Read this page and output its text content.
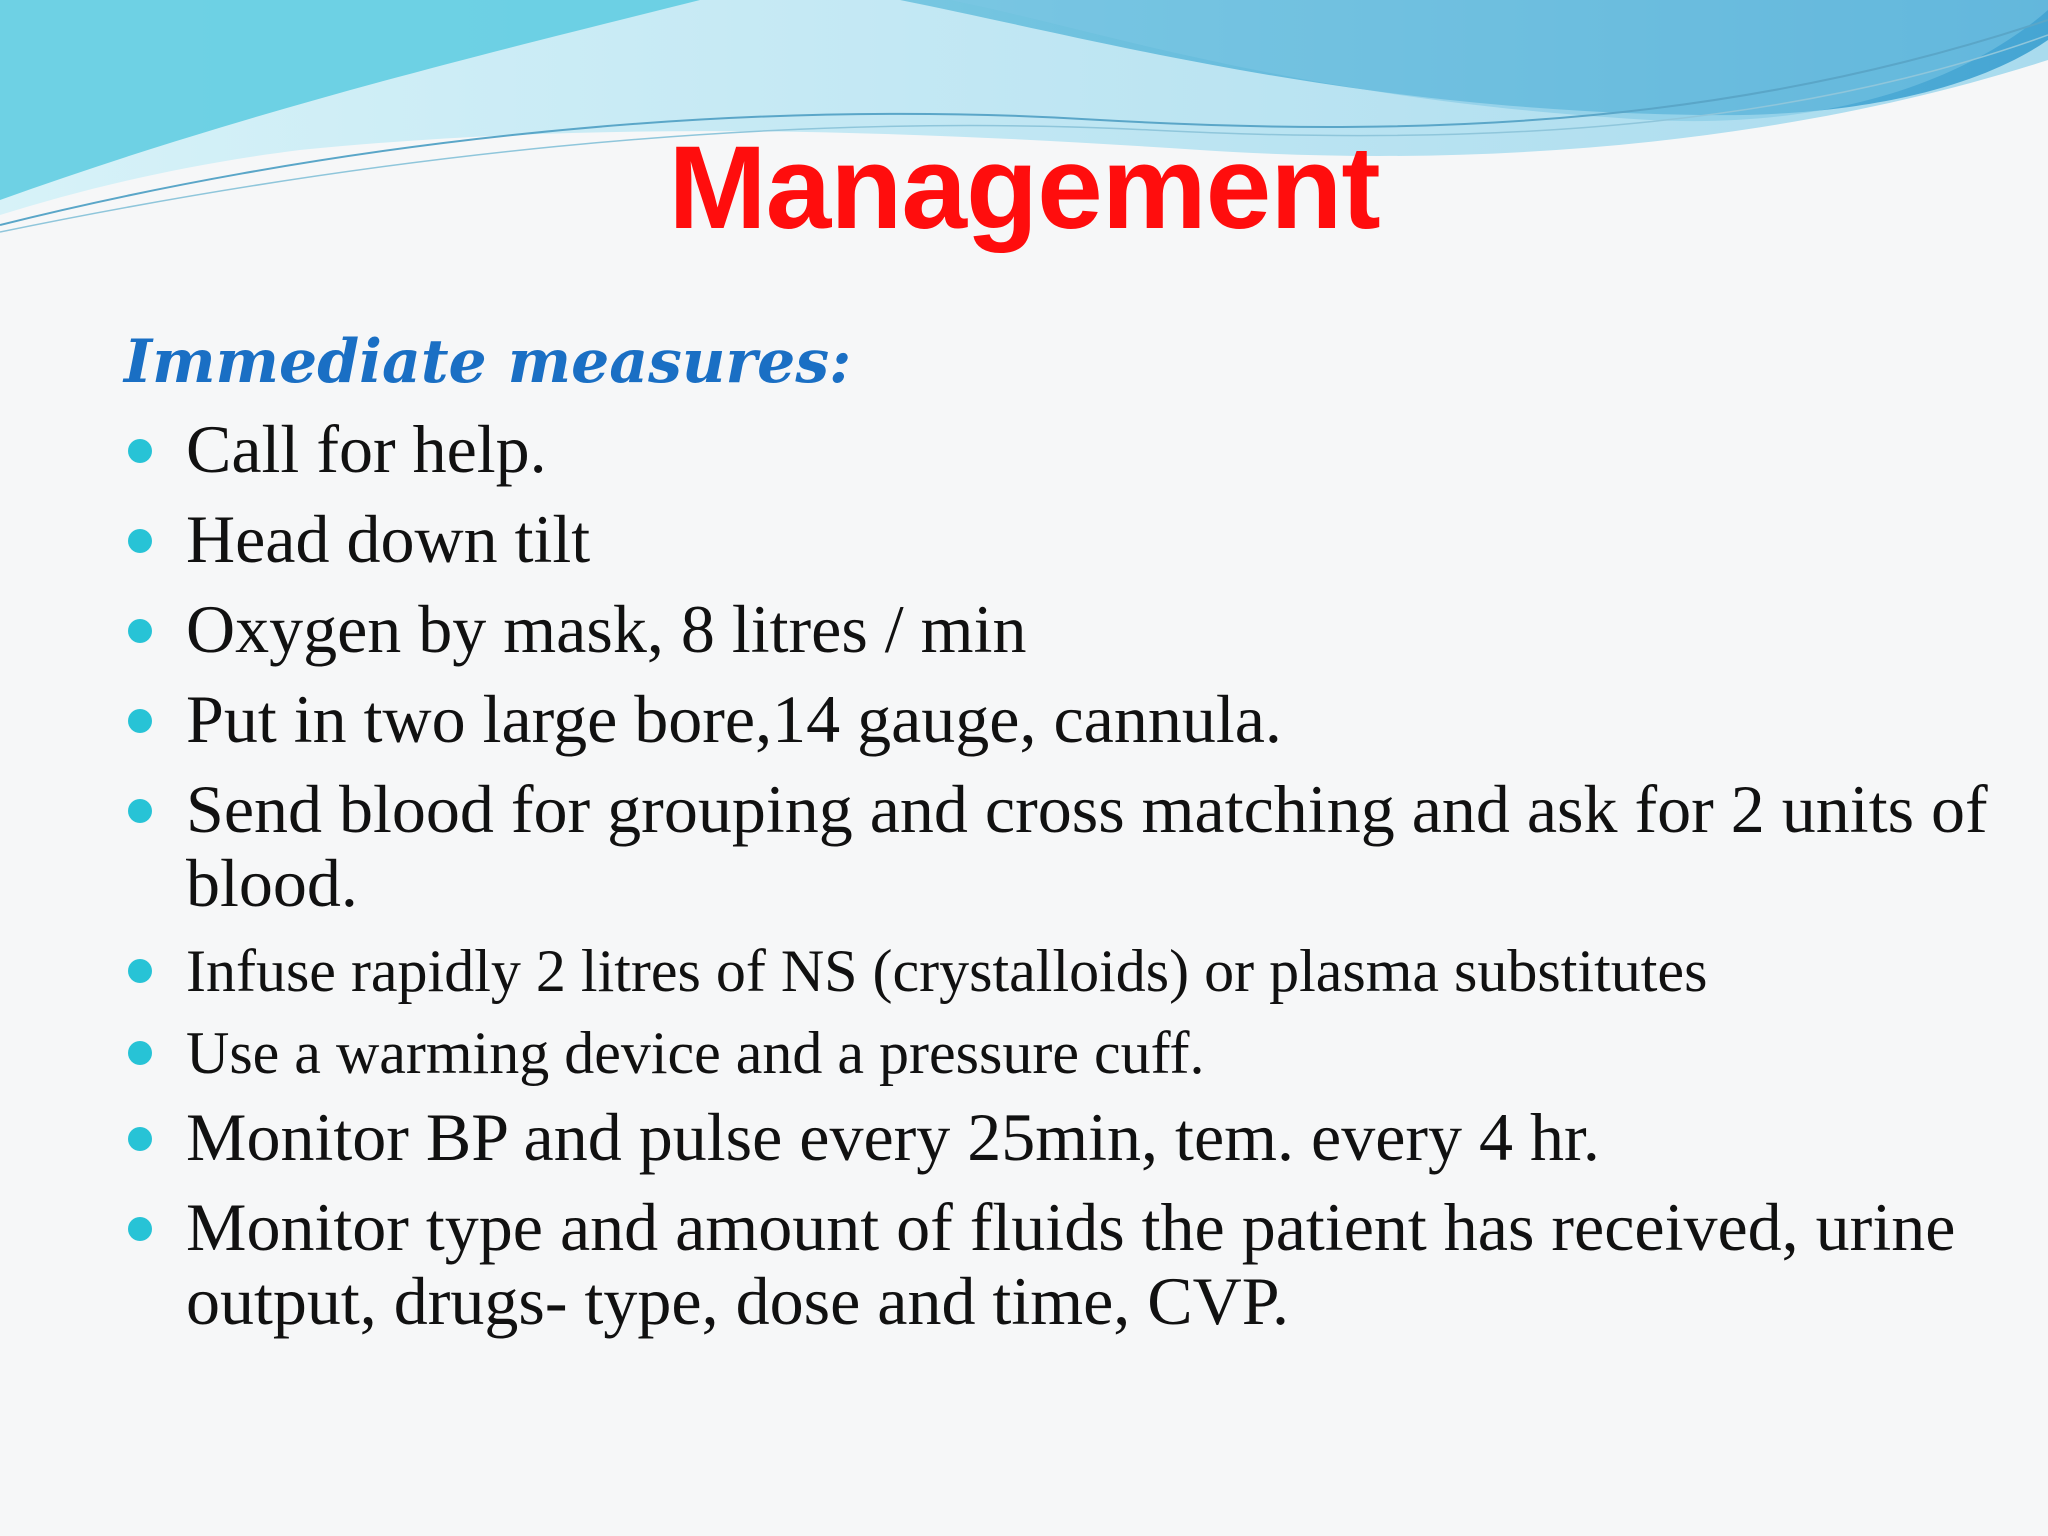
Management
Immediate measures:
Call for help.
Head down tilt
Oxygen by mask, 8 litres / min
Put in two large bore,14 gauge, cannula.
Send blood for grouping and cross matching and ask for 2 units of blood.
Infuse rapidly 2 litres of NS (crystalloids) or plasma substitutes
Use a warming device and a pressure cuff.
Monitor BP and pulse every 25min, tem. every 4 hr.
Monitor type and amount of fluids the patient has received, urine output, drugs- type, dose and time, CVP.
